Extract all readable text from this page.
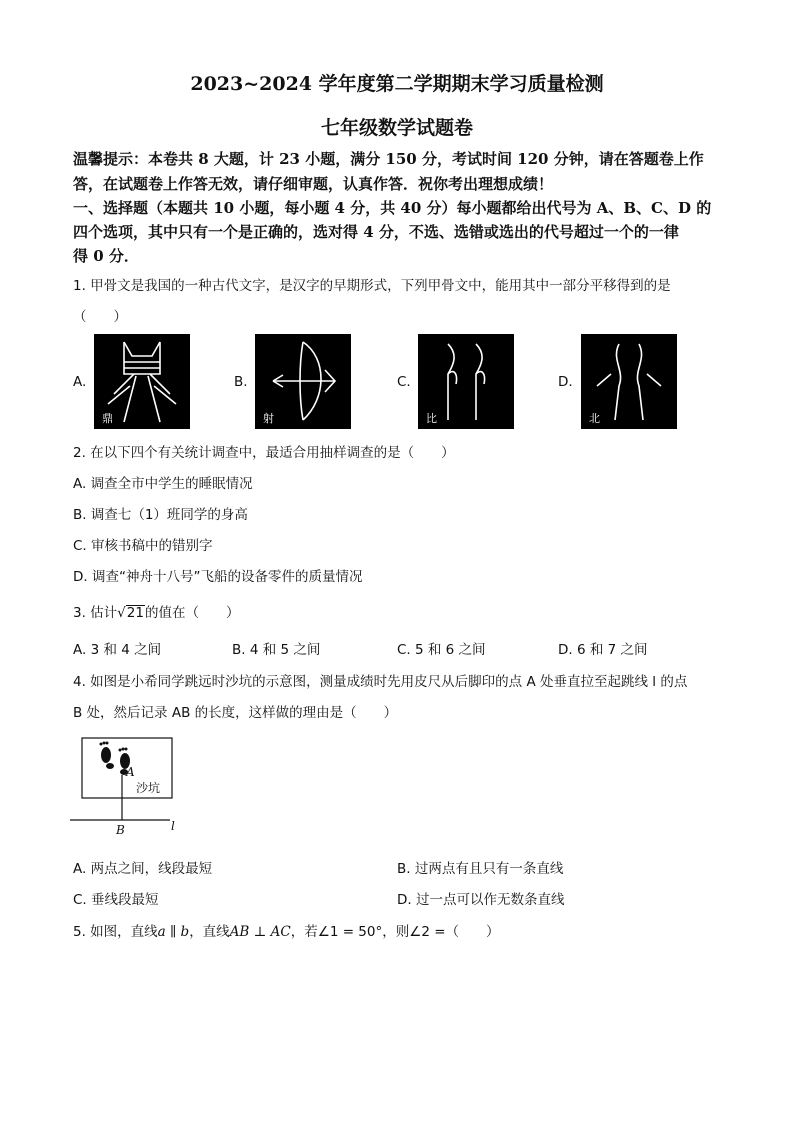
2023~2024 学年度第二学期期末学习质量检测
七年级数学试题卷
温馨提示：本卷共 8 大题，计 23 小题，满分 150 分，考试时间 120 分钟，请在答题卷上作
答，在试题卷上作答无效，请仔细审题，认真作答．祝你考出理想成绩！
一、选择题（本题共 10 小题，每小题 4 分，共 40 分）每小题都给出代号为 A、B、C、D 的
四个选项，其中只有一个是正确的，选对得 4 分，不选、选错或选出的代号超过一个的一律
得 0 分．
1. 甲骨文是我国的一种古代文字，是汉字的早期形式，下列甲骨文中，能用其中一部分平移得到的是
（　　）
A.
鼎
B.
射
C.
比
D.
北
2. 在以下四个有关统计调查中，最适合用抽样调查的是（　　）
A. 调查全市中学生的睡眠情况
B. 调查七（1）班同学的身高
C. 审核书稿中的错别字
D. 调查“神舟十八号”飞船的设备零件的质量情况
3. 估计√21的值在（　　）
A. 3 和 4 之间	B. 4 和 5 之间	C. 5 和 6 之间	D. 6 和 7 之间
4. 如图是小希同学跳远时沙坑的示意图，测量成绩时先用皮尺从后脚印的点 A 处垂直拉至起跳线 l 的点
B 处，然后记录 AB 的长度，这样做的理由是（　　）
A
沙坑
B	l
A. 两点之间，线段最短	B. 过两点有且只有一条直线
C. 垂线段最短	D. 过一点可以作无数条直线
5. 如图，直线a ∥ b，直线AB ⊥ AC，若∠1 = 50°，则∠2 =（　　）
